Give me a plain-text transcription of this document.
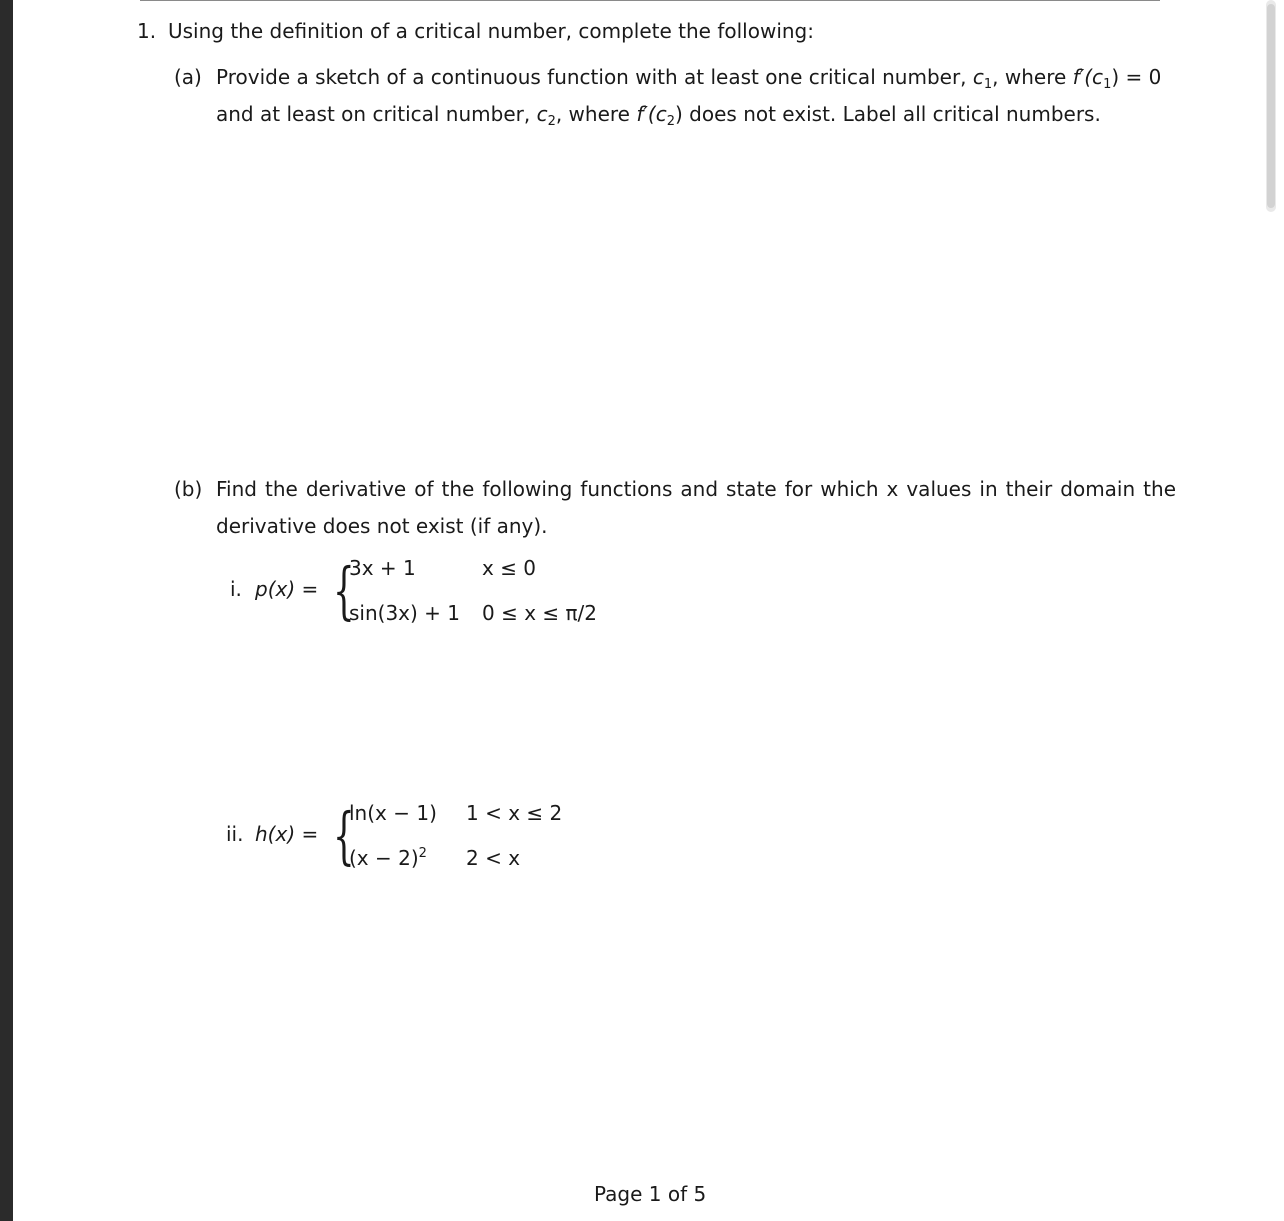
1. Using the definition of a critical number, complete the following:
(a) Provide a sketch of a continuous function with at least one critical number, $c_1$, where $f'(c_1) = 0$
and at least on critical number, $c_2$, where $f'(c_2)$ does not exist. Label all critical numbers.
(b) Find the derivative of the following functions and state for which x values in their domain the
derivative does not exist (if any).
i. p(x) = {
3x + 1	x ≤ 0
sin(3x) + 1 0 ≤ x ≤ π/2
ii. h(x) = {
ln(x − 1) 1 < x ≤ 2
$(x - 2)^2$ 2 < x
Page 1 of 5
